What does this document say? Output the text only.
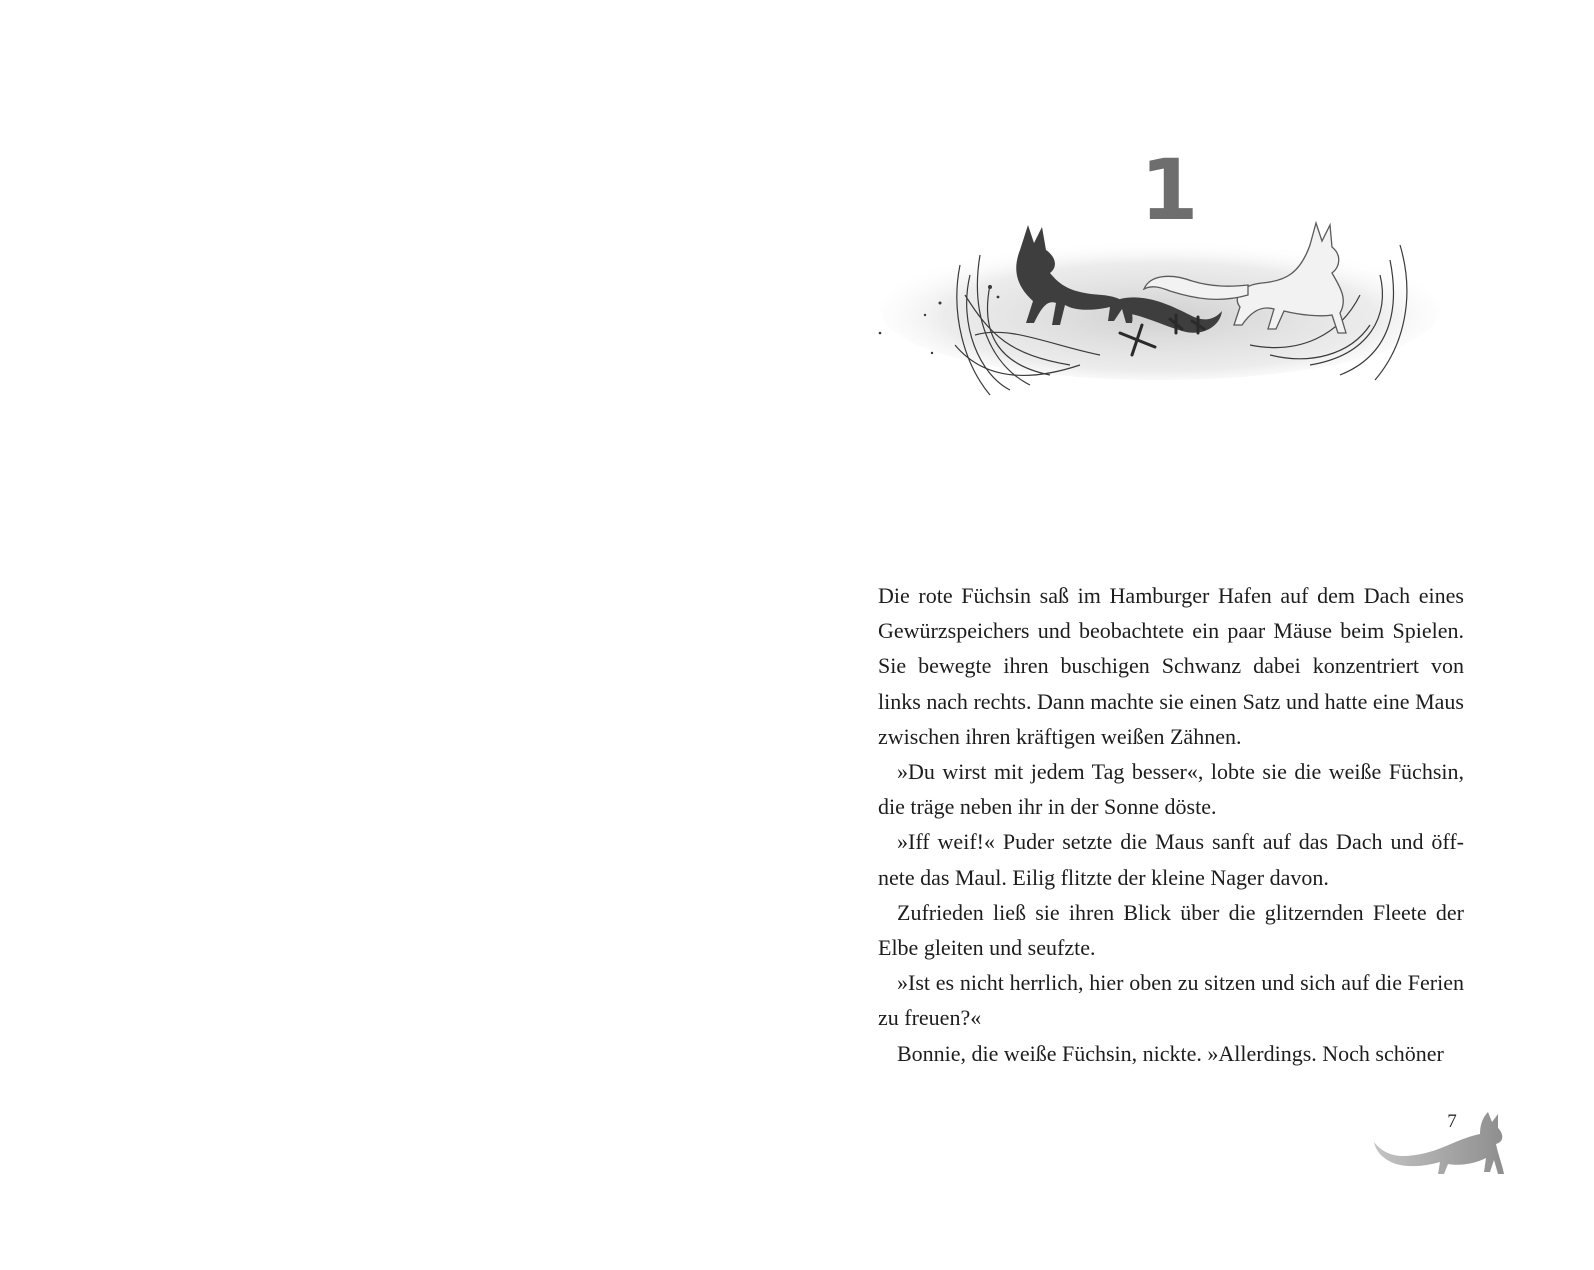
1

Die rote Füchsin saß im Hamburger Hafen auf dem Dach eines Gewürzspeichers und beobachtete ein paar Mäuse beim Spielen. Sie bewegte ihren buschigen Schwanz dabei konzentriert von links nach rechts. Dann machte sie einen Satz und hatte eine Maus zwischen ihren kräftigen weißen Zähnen.

»Du wirst mit jedem Tag besser«, lobte sie die weiße Füchsin, die träge neben ihr in der Sonne döste.

»Iff weif!« Puder setzte die Maus sanft auf das Dach und öffnete das Maul. Eilig flitzte der kleine Nager davon.

Zufrieden ließ sie ihren Blick über die glitzernden Fleete der Elbe gleiten und seufzte.

»Ist es nicht herrlich, hier oben zu sitzen und sich auf die Ferien zu freuen?«

Bonnie, die weiße Füchsin, nickte. »Allerdings. Noch schöner

7
